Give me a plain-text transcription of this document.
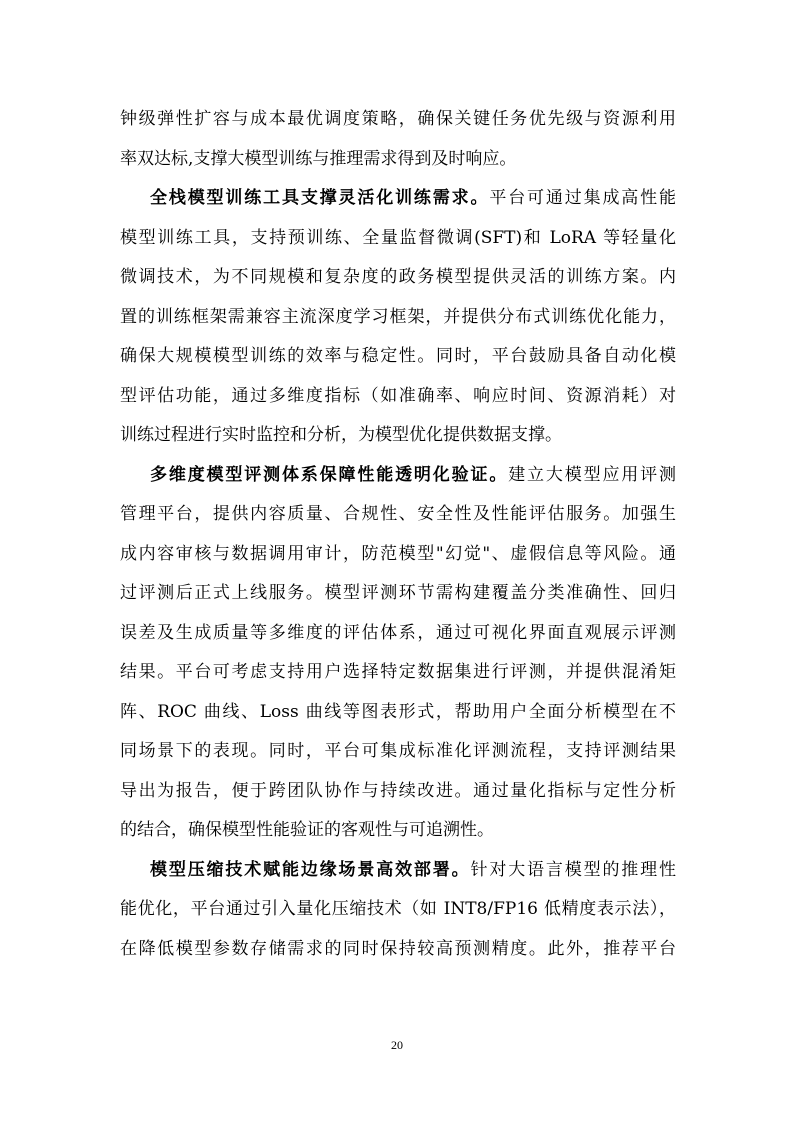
钟级弹性扩容与成本最优调度策略，确保关键任务优先级与资源利用
率双达标,支撑大模型训练与推理需求得到及时响应。
全栈模型训练工具支撑灵活化训练需求。平台可通过集成高性能
模型训练工具，支持预训练、全量监督微调(SFT)和 LoRA 等轻量化
微调技术，为不同规模和复杂度的政务模型提供灵活的训练方案。内
置的训练框架需兼容主流深度学习框架，并提供分布式训练优化能力，
确保大规模模型训练的效率与稳定性。同时，平台鼓励具备自动化模
型评估功能，通过多维度指标（如准确率、响应时间、资源消耗）对
训练过程进行实时监控和分析，为模型优化提供数据支撑。
多维度模型评测体系保障性能透明化验证。建立大模型应用评测
管理平台，提供内容质量、合规性、安全性及性能评估服务。加强生
成内容审核与数据调用审计，防范模型"幻觉"、虚假信息等风险。通
过评测后正式上线服务。模型评测环节需构建覆盖分类准确性、回归
误差及生成质量等多维度的评估体系，通过可视化界面直观展示评测
结果。平台可考虑支持用户选择特定数据集进行评测，并提供混淆矩
阵、ROC 曲线、Loss 曲线等图表形式，帮助用户全面分析模型在不
同场景下的表现。同时，平台可集成标准化评测流程，支持评测结果
导出为报告，便于跨团队协作与持续改进。通过量化指标与定性分析
的结合，确保模型性能验证的客观性与可追溯性。
模型压缩技术赋能边缘场景高效部署。针对大语言模型的推理性
能优化，平台通过引入量化压缩技术（如 INT8/FP16 低精度表示法），
在降低模型参数存储需求的同时保持较高预测精度。此外，推荐平台
20
